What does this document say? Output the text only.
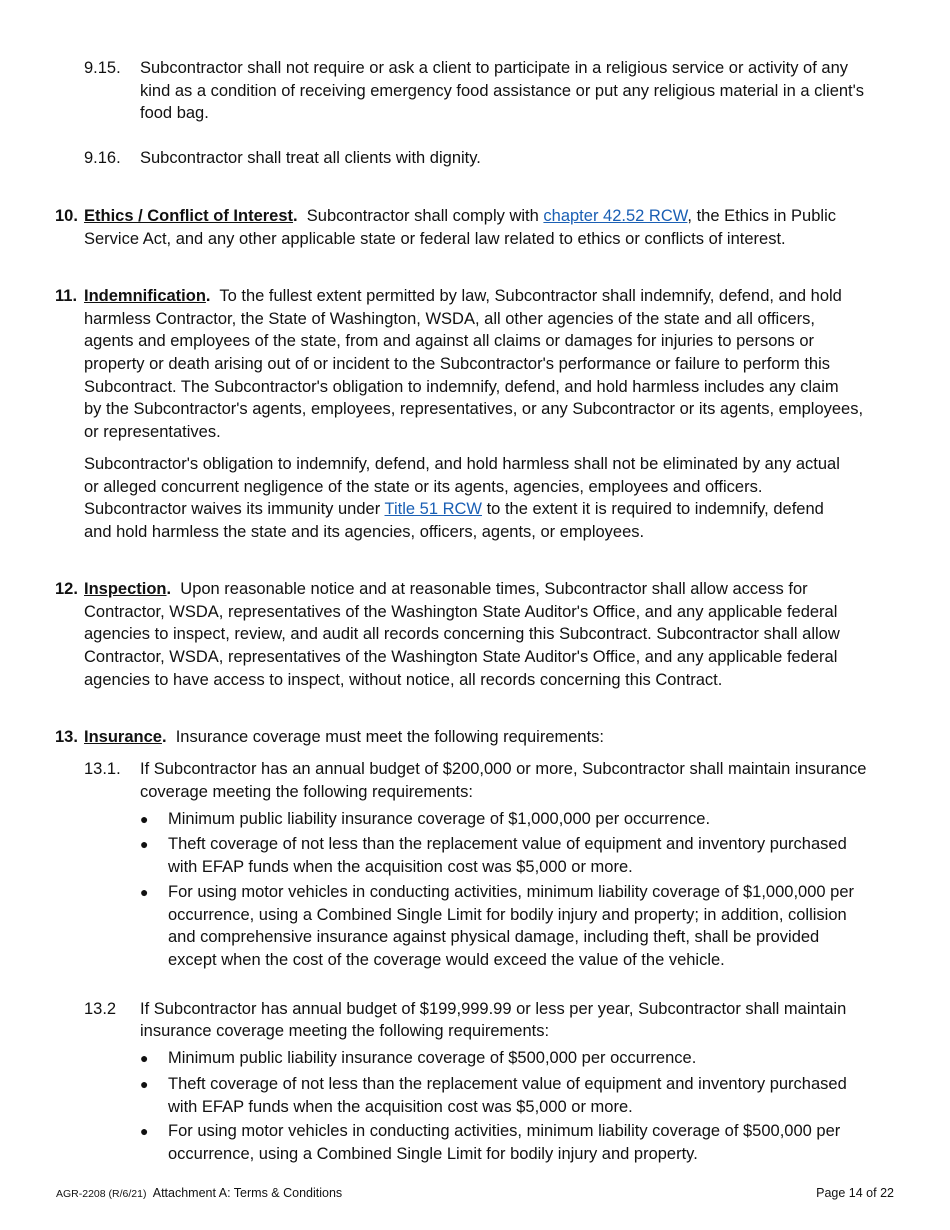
9.15. Subcontractor shall not require or ask a client to participate in a religious service or activity of any
kind as a condition of receiving emergency food assistance or put any religious material in a client's
food bag.
9.16. Subcontractor shall treat all clients with dignity.
10. Ethics / Conflict of Interest. Subcontractor shall comply with chapter 42.52 RCW, the Ethics in Public
Service Act, and any other applicable state or federal law related to ethics or conflicts of interest.
11. Indemnification. To the fullest extent permitted by law, Subcontractor shall indemnify, defend, and hold
harmless Contractor, the State of Washington, WSDA, all other agencies of the state and all officers,
agents and employees of the state, from and against all claims or damages for injuries to persons or
property or death arising out of or incident to the Subcontractor's performance or failure to perform this
Subcontract. The Subcontractor's obligation to indemnify, defend, and hold harmless includes any claim
by the Subcontractor's agents, employees, representatives, or any Subcontractor or its agents, employees,
or representatives.
Subcontractor's obligation to indemnify, defend, and hold harmless shall not be eliminated by any actual
or alleged concurrent negligence of the state or its agents, agencies, employees and officers.
Subcontractor waives its immunity under Title 51 RCW to the extent it is required to indemnify, defend
and hold harmless the state and its agencies, officers, agents, or employees.
12. Inspection. Upon reasonable notice and at reasonable times, Subcontractor shall allow access for
Contractor, WSDA, representatives of the Washington State Auditor's Office, and any applicable federal
agencies to inspect, review, and audit all records concerning this Subcontract. Subcontractor shall allow
Contractor, WSDA, representatives of the Washington State Auditor's Office, and any applicable federal
agencies to have access to inspect, without notice, all records concerning this Contract.
13. Insurance. Insurance coverage must meet the following requirements:
13.1. If Subcontractor has an annual budget of $200,000 or more, Subcontractor shall maintain insurance
coverage meeting the following requirements:
● Minimum public liability insurance coverage of $1,000,000 per occurrence.
● Theft coverage of not less than the replacement value of equipment and inventory purchased
with EFAP funds when the acquisition cost was $5,000 or more.
● For using motor vehicles in conducting activities, minimum liability coverage of $1,000,000 per
occurrence, using a Combined Single Limit for bodily injury and property; in addition, collision
and comprehensive insurance against physical damage, including theft, shall be provided
except when the cost of the coverage would exceed the value of the vehicle.
13.2 If Subcontractor has annual budget of $199,999.99 or less per year, Subcontractor shall maintain
insurance coverage meeting the following requirements:
● Minimum public liability insurance coverage of $500,000 per occurrence.
● Theft coverage of not less than the replacement value of equipment and inventory purchased
with EFAP funds when the acquisition cost was $5,000 or more.
● For using motor vehicles in conducting activities, minimum liability coverage of $500,000 per
occurrence, using a Combined Single Limit for bodily injury and property.
AGR-2208 (R/6/21) Attachment A: Terms & Conditions	Page 14 of 22
